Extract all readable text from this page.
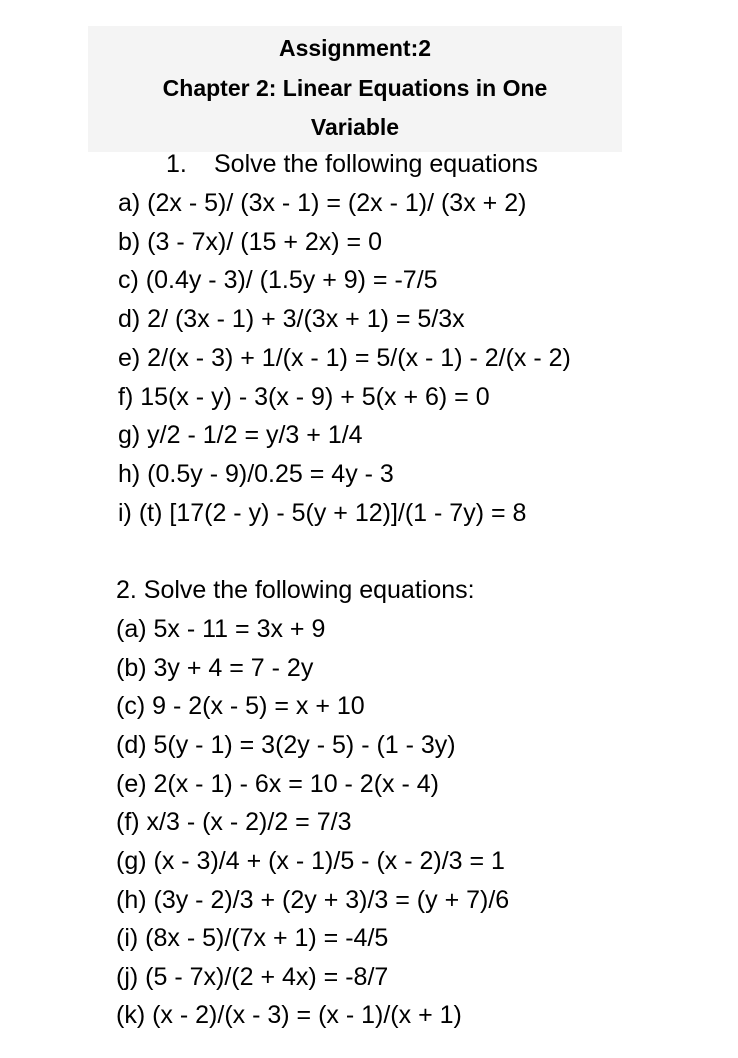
Assignment:2
Chapter 2: Linear Equations in One
Variable
1. Solve the following equations
a) (2x - 5)/ (3x - 1) = (2x - 1)/ (3x + 2)
b) (3 - 7x)/ (15 + 2x) = 0
c) (0.4y - 3)/ (1.5y + 9) = -7/5
d) 2/ (3x - 1) + 3/(3x + 1) = 5/3x
e) 2/(x - 3) + 1/(x - 1) = 5/(x - 1) - 2/(x - 2)
f) 15(x - y) - 3(x - 9) + 5(x + 6) = 0
g) y/2 - 1/2 = y/3 + 1/4
h) (0.5y - 9)/0.25 = 4y - 3
i) (t) [17(2 - y) - 5(y + 12)]/(1 - 7y) = 8
2. Solve the following equations:
(a) 5x - 11 = 3x + 9
(b) 3y + 4 = 7 - 2y
(c) 9 - 2(x - 5) = x + 10
(d) 5(y - 1) = 3(2y - 5) - (1 - 3y)
(e) 2(x - 1) - 6x = 10 - 2(x - 4)
(f) x/3 - (x - 2)/2 = 7/3
(g) (x - 3)/4 + (x - 1)/5 - (x - 2)/3 = 1
(h) (3y - 2)/3 + (2y + 3)/3 = (y + 7)/6
(i) (8x - 5)/(7x + 1) = -4/5
(j) (5 - 7x)/(2 + 4x) = -8/7
(k) (x - 2)/(x - 3) = (x - 1)/(x + 1)
